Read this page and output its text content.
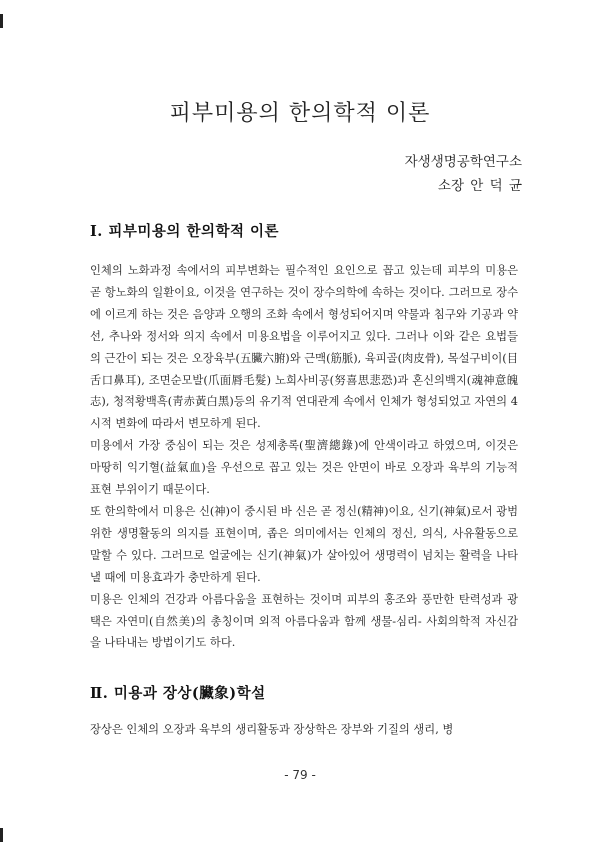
피부미용의 한의학적 이론
자생생명공학연구소
소장 안 덕 균
Ⅰ. 피부미용의 한의학적 이론

인체의 노화과정 속에서의 피부변화는 필수적인 요인으로 꼽고 있는데 피부의 미용은 곧 항노화의 일환이요, 이것을 연구하는 것이 장수의학에 속하는 것이다. 그러므로 장수에 이르게 하는 것은 음양과 오행의 조화 속에서 형성되어지며 약물과 침구와 기공과 약선, 추나와 정서와 의지 속에서 미용요법을 이루어지고 있다. 그러나 이와 같은 요법들의 근간이 되는 것은 오장육부(五臟六腑)와 근맥(筋脈), 육피골(肉皮骨), 목설구비이(目舌口鼻耳), 조면순모발(爪面脣毛髮) 노희사비공(努喜思悲恐)과 혼신의백지(魂神意魄志), 청적황백흑(靑赤黃白黑)등의 유기적 연대관계 속에서 인체가 형성되었고 자연의 4시적 변화에 따라서 변모하게 된다.

미용에서 가장 중심이 되는 것은 성제총록(聖濟總錄)에 안색이라고 하였으며, 이것은 마땅히 익기혈(益氣血)을 우선으로 꼽고 있는 것은 안면이 바로 오장과 육부의 기능적 표현 부위이기 때문이다.

또 한의학에서 미용은 신(神)이 중시된 바 신은 곧 정신(精神)이요, 신기(神氣)로서 광범위한 생명활동의 의지를 표현이며, 좁은 의미에서는 인체의 정신, 의식, 사유활동으로 말할 수 있다. 그러므로 얼굴에는 신기(神氣)가 살아있어 생명력이 넘치는 활력을 나타낼 때에 미용효과가 충만하게 된다.

미용은 인체의 건강과 아름다움을 표현하는 것이며 피부의 홍조와 풍만한 탄력성과 광택은 자연미(自然美)의 총칭이며 외적 아름다움과 함께 생물-심리- 사회의학적 자신감을 나타내는 방법이기도 하다.

Ⅱ. 미용과 장상(臟象)학설

장상은 인체의 오장과 육부의 생리활동과 장상학은 장부와 기질의 생리, 병

- 79 -
